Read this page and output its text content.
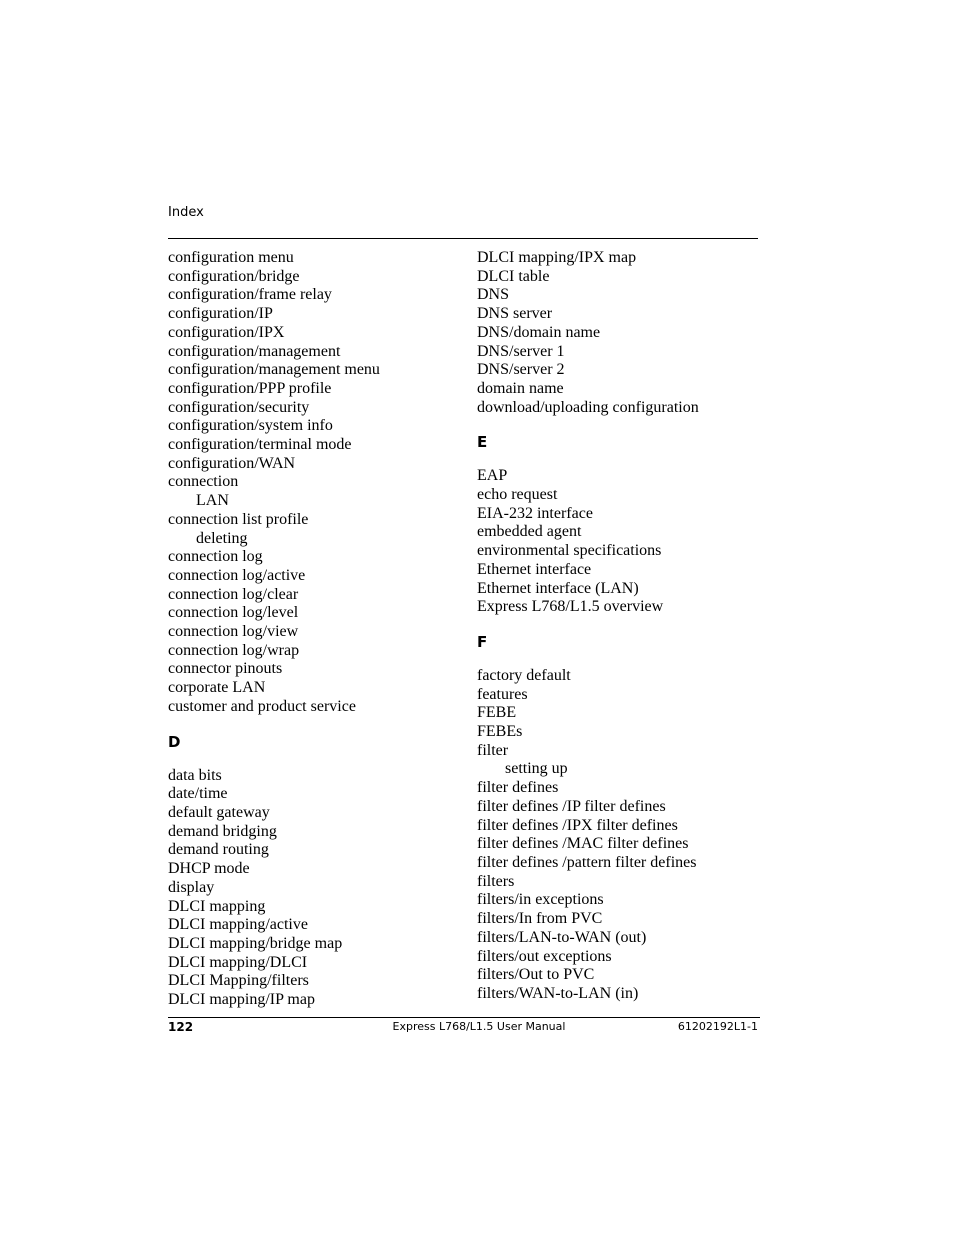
Index
configuration menu
configuration/bridge
configuration/frame relay
configuration/IP
configuration/IPX
configuration/management
configuration/management menu
configuration/PPP profile
configuration/security
configuration/system info
configuration/terminal mode
configuration/WAN
connection
LAN
connection list profile
deleting
connection log
connection log/active
connection log/clear
connection log/level
connection log/view
connection log/wrap
connector pinouts
corporate LAN
customer and product service
D
data bits
date/time
default gateway
demand bridging
demand routing
DHCP mode
display
DLCI mapping
DLCI mapping/active
DLCI mapping/bridge map
DLCI mapping/DLCI
DLCI Mapping/filters
DLCI mapping/IP map
DLCI mapping/IPX map
DLCI table
DNS
DNS server
DNS/domain name
DNS/server 1
DNS/server 2
domain name
download/uploading configuration
E
EAP
echo request
EIA-232 interface
embedded agent
environmental specifications
Ethernet interface
Ethernet interface (LAN)
Express L768/L1.5 overview
F
factory default
features
FEBE
FEBEs
filter
setting up
filter defines
filter defines /IP filter defines
filter defines /IPX filter defines
filter defines /MAC filter defines
filter defines /pattern filter defines
filters
filters/in exceptions
filters/In from PVC
filters/LAN-to-WAN (out)
filters/out exceptions
filters/Out to PVC
filters/WAN-to-LAN (in)
122	Express L768/L1.5 User Manual	61202192L1-1
